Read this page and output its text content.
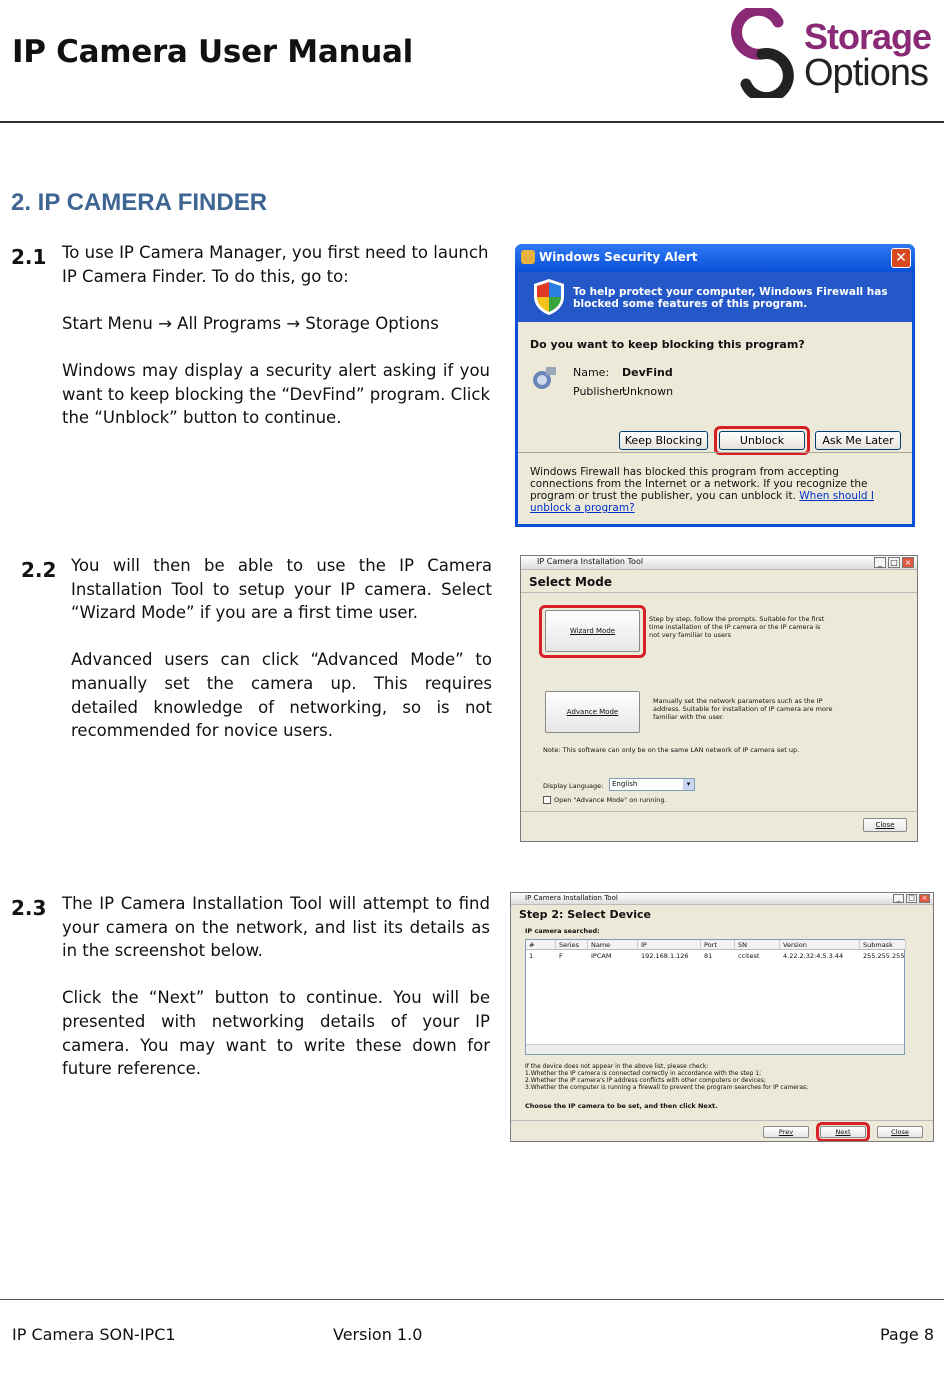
IP Camera User Manual	Storage
Options
2. IP CAMERA FINDER
2.1 To use IP Camera Manager, you first need to launch IP Camera Finder. To do this, go to:

Start Menu → All Programs → Storage Options

Windows may display a security alert asking if you want to keep blocking the “DevFind” program. Click the “Unblock” button to continue.

Windows Security Alert	✕
To help protect your computer, Windows Firewall has blocked some features of this program.
Do you want to keep blocking this program?
Name: DevFind
Publisher:
Unknown
Keep Blocking	Unblock	Ask Me Later
Windows Firewall has blocked this program from accepting connections from the Internet or a network. If you recognize the program or trust the publisher, you can unblock it. When should I unblock a program?
2.2 You will then be able to use the IP Camera Installation Tool to setup your IP camera. Select “Wizard Mode” if you are a first time user.

Advanced users can click “Advanced Mode” to manually set the camera up. This requires detailed knowledge of networking, so is not recommended for novice users.

IP Camera Installation Tool	_	□ ×
Select Mode
Wizard Mode
Step by step, follow the prompts. Suitable for the first time installation of the IP camera or the IP camera is not very familiar to users
Advance Mode
Manually set the network parameters such as the IP address. Suitable for installation of IP camera are more familiar with the user.
Note: This software can only be on the same LAN network of IP camera set up.
Display Language:	English	▾
Open "Advance Mode" on running.
Close
2.3 The IP Camera Installation Tool will attempt to find your camera on the network, and list its details as in the screenshot below.

Click the “Next” button to continue. You will be presented with networking details of your IP camera. You may want to write these down for future reference.

IP Camera Installation Tool	_	□ ×
Step 2: Select Device
IP camera searched:
#	Series	Name	IP	Port	SN	Version	Submask
1	F	IPCAM	192.168.1.126	81	ccitest	4.22.2.32:4.5.3.44	255.255.255
If the device does not appear in the above list, please check:
1.Whether the IP camera is connected correctly in accordance with the step 1;
2.Whether the IP camera's IP address conflicts with other computers or devices;
3.Whether the computer is running a firewall to prevent the program searches for IP cameras;
Choose the IP camera to be set, and then click Next.
Prev	Next	Close
IP Camera SON-IPC1	Version 1.0	Page 8
